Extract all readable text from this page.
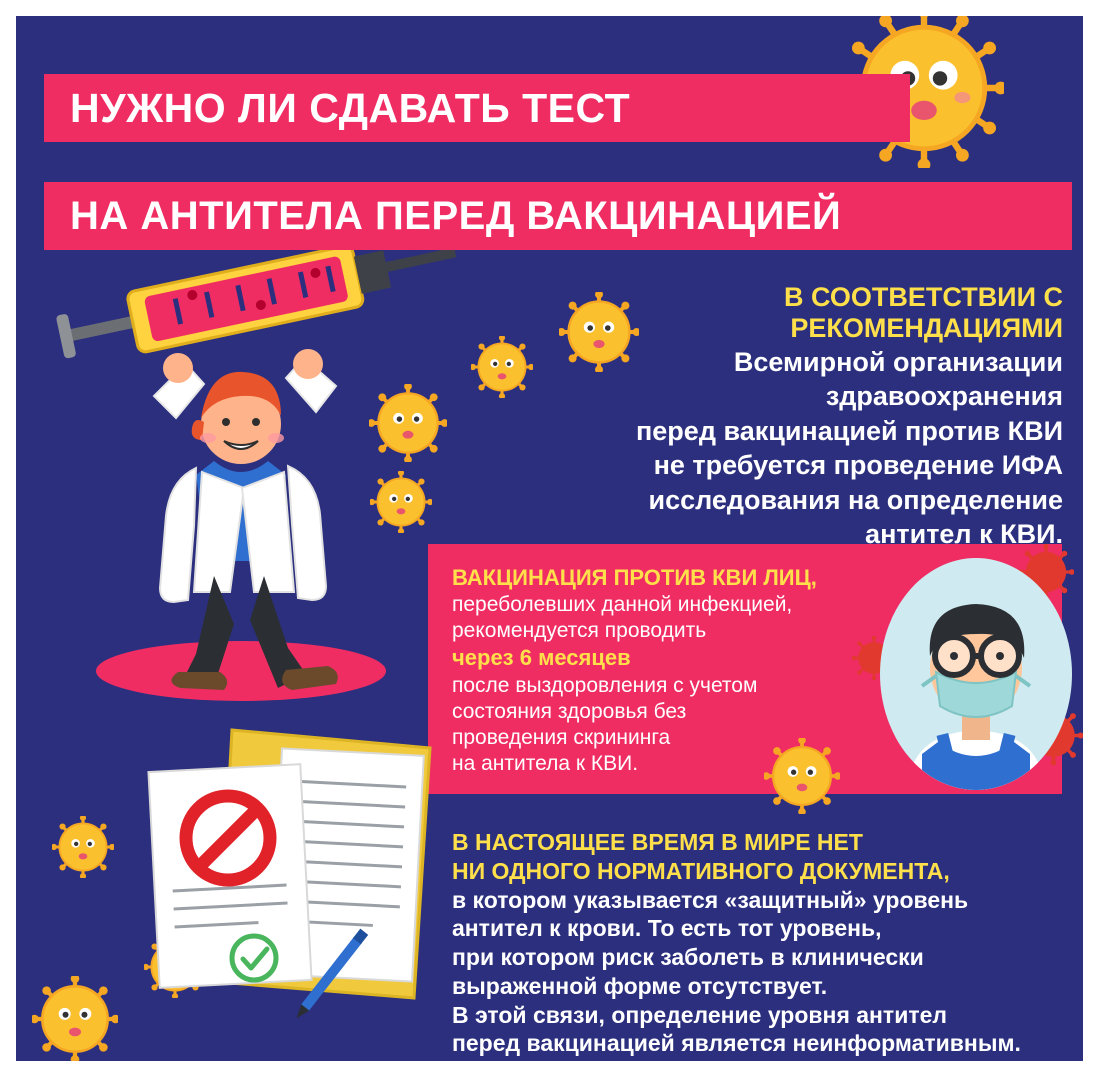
НУЖНО ЛИ СДАВАТЬ ТЕСТ
НА АНТИТЕЛА ПЕРЕД ВАКЦИНАЦИЕЙ
В СООТВЕТСТВИИ С
РЕКОМЕНДАЦИЯМИ
Всемирной организации
здравоохранения
перед вакцинацией против КВИ
не требуется проведение ИФА
исследования на определение
антител к КВИ.
ВАКЦИНАЦИЯ ПРОТИВ КВИ ЛИЦ,
переболевших данной инфекцией,
рекомендуется проводить
через 6 месяцев
после выздоровления с учетом
состояния здоровья без
проведения скрининга
на антитела к КВИ.
В НАСТОЯЩЕЕ ВРЕМЯ В МИРЕ НЕТ
НИ ОДНОГО НОРМАТИВНОГО ДОКУМЕНТА,
в котором указывается «защитный» уровень
антител к крови. То есть тот уровень,
при котором риск заболеть в клинически
выраженной форме отсутствует.
В этой связи, определение уровня антител
перед вакцинацией является неинформативным.
